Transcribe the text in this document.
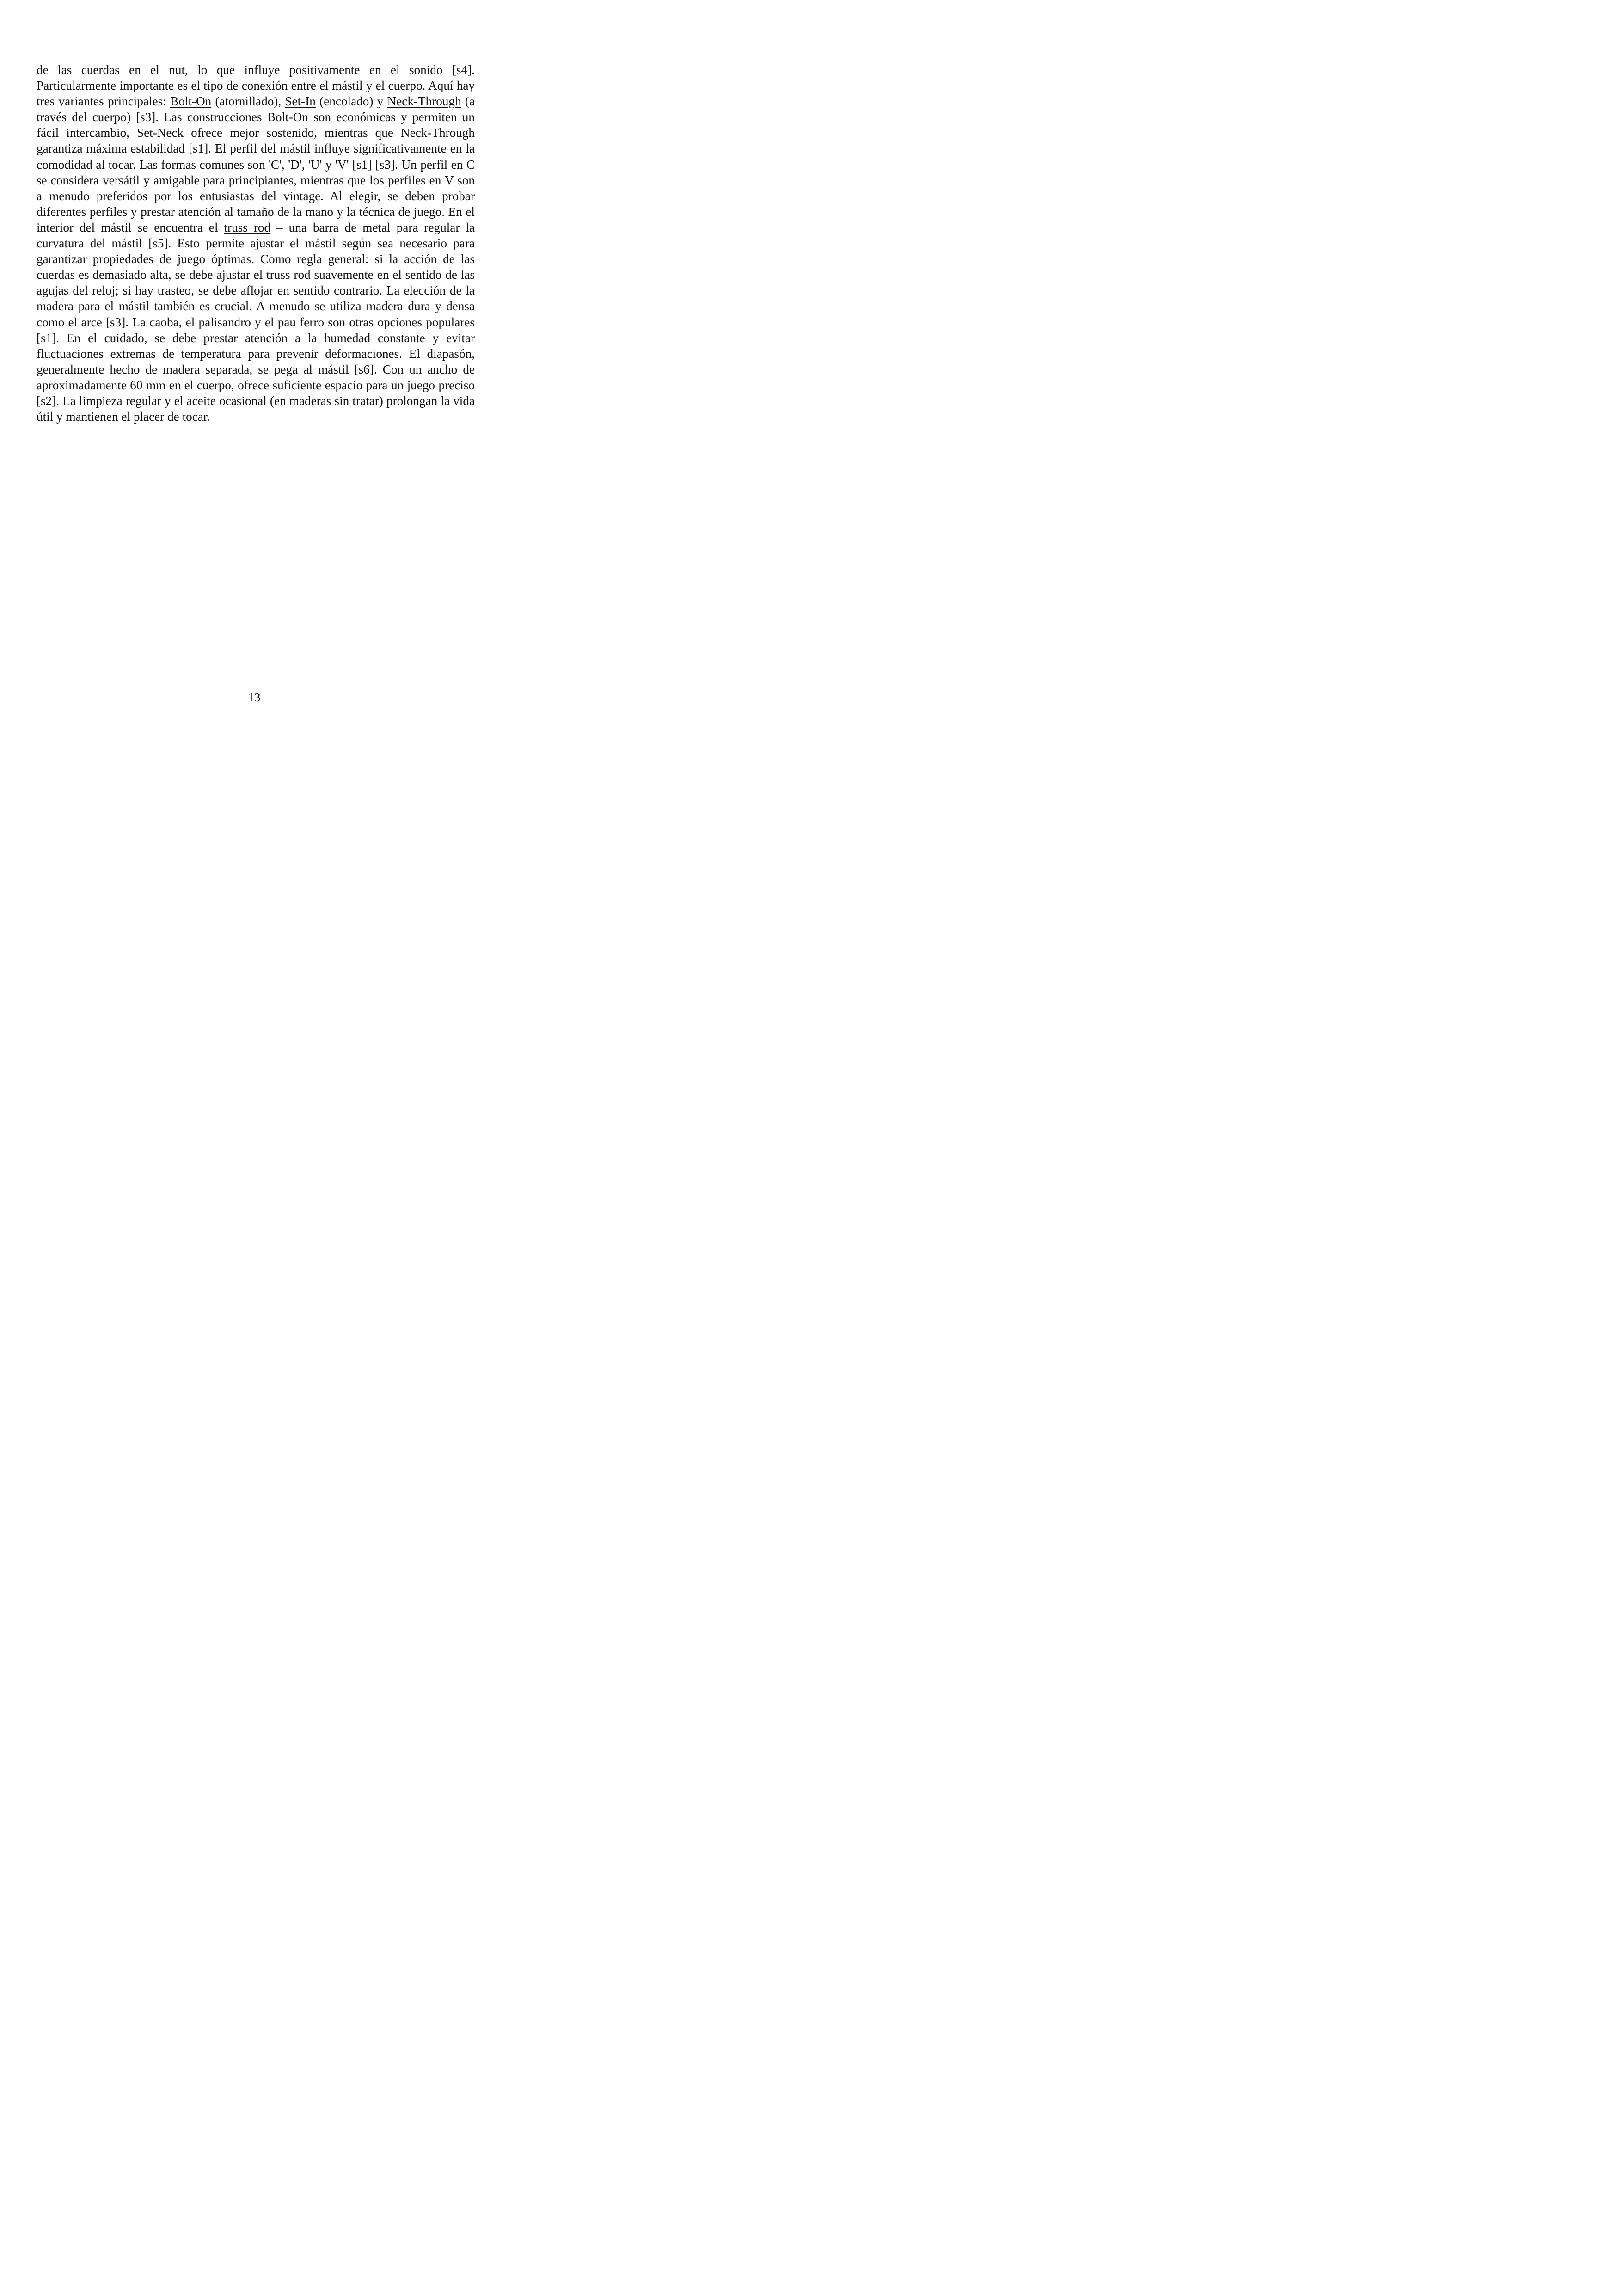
de las cuerdas en el nut, lo que influye positivamente en el sonido [s4]. Particularmente importante es el tipo de conexión entre el mástil y el cuerpo. Aquí hay tres variantes principales: Bolt-On (atornillado), Set-In (encolado) y Neck-Through (a través del cuerpo) [s3]. Las construcciones Bolt-On son económicas y permiten un fácil intercambio, Set-Neck ofrece mejor sostenido, mientras que Neck-Through garantiza máxima estabilidad [s1]. El perfil del mástil influye significativamente en la comodidad al tocar. Las formas comunes son 'C', 'D', 'U' y 'V' [s1] [s3]. Un perfil en C se considera versátil y amigable para principiantes, mientras que los perfiles en V son a menudo preferidos por los entusiastas del vintage. Al elegir, se deben probar diferentes perfiles y prestar atención al tamaño de la mano y la técnica de juego. En el interior del mástil se encuentra el truss rod – una barra de metal para regular la curvatura del mástil [s5]. Esto permite ajustar el mástil según sea necesario para garantizar propiedades de juego óptimas. Como regla general: si la acción de las cuerdas es demasiado alta, se debe ajustar el truss rod suavemente en el sentido de las agujas del reloj; si hay trasteo, se debe aflojar en sentido contrario. La elección de la madera para el mástil también es crucial. A menudo se utiliza madera dura y densa como el arce [s3]. La caoba, el palisandro y el pau ferro son otras opciones populares [s1]. En el cuidado, se debe prestar atención a la humedad constante y evitar fluctuaciones extremas de temperatura para prevenir deformaciones. El diapasón, generalmente hecho de madera separada, se pega al mástil [s6]. Con un ancho de aproximadamente 60 mm en el cuerpo, ofrece suficiente espacio para un juego preciso [s2]. La limpieza regular y el aceite ocasional (en maderas sin tratar) prolongan la vida útil y mantienen el placer de tocar.

13
